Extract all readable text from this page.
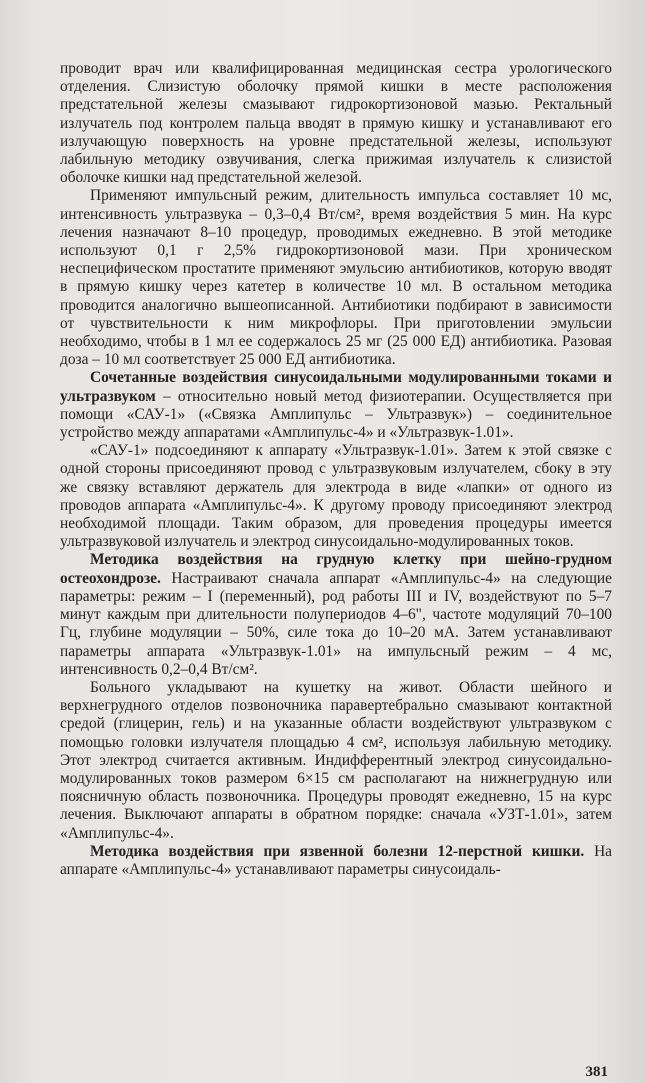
проводит врач или квалифицированная медицинская сестра урологического отделения. Слизистую оболочку прямой кишки в месте расположения предстательной железы смазывают гидрокортизоновой мазью. Ректальный излучатель под контролем пальца вводят в прямую кишку и устанавливают его излучающую поверхность на уровне предстательной железы, используют лабильную методику озвучивания, слегка прижимая излучатель к слизистой оболочке кишки над предстательной железой.

Применяют импульсный режим, длительность импульса составляет 10 мс, интенсивность ультразвука – 0,3–0,4 Вт/см², время воздействия 5 мин. На курс лечения назначают 8–10 процедур, проводимых ежедневно. В этой методике используют 0,1 г 2,5% гидрокортизоновой мази. При хроническом неспецифическом простатите применяют эмульсию антибиотиков, которую вводят в прямую кишку через катетер в количестве 10 мл. В остальном методика проводится аналогично вышеописанной. Антибиотики подбирают в зависимости от чувствительности к ним микрофлоры. При приготовлении эмульсии необходимо, чтобы в 1 мл ее содержалось 25 мг (25 000 ЕД) антибиотика. Разовая доза – 10 мл соответствует 25 000 ЕД антибиотика.

Сочетанные воздействия синусоидальными модулированными токами и ультразвуком – относительно новый метод физиотерапии. Осуществляется при помощи «САУ-1» («Связка Амплипульс – Ультразвук») – соединительное устройство между аппаратами «Амплипульс-4» и «Ультразвук-1.01».

«САУ-1» подсоединяют к аппарату «Ультразвук-1.01». Затем к этой связке с одной стороны присоединяют провод с ультразвуковым излучателем, сбоку в эту же связку вставляют держатель для электрода в виде «лапки» от одного из проводов аппарата «Амплипульс-4». К другому проводу присоединяют электрод необходимой площади. Таким образом, для проведения процедуры имеется ультразвуковой излучатель и электрод синусоидально-модулированных токов.

Методика воздействия на грудную клетку при шейно-грудном остеохондрозе. Настраивают сначала аппарат «Амплипульс-4» на следующие параметры: режим – I (переменный), род работы III и IV, воздействуют по 5–7 минут каждым при длительности полупериодов 4–6", частоте модуляций 70–100 Гц, глубине модуляции – 50%, силе тока до 10–20 мА. Затем устанавливают параметры аппарата «Ультразвук-1.01» на импульсный режим – 4 мс, интенсивность 0,2–0,4 Вт/см².

Больного укладывают на кушетку на живот. Области шейного и верхнегрудного отделов позвоночника паравертебрально смазывают контактной средой (глицерин, гель) и на указанные области воздействуют ультразвуком с помощью головки излучателя площадью 4 см², используя лабильную методику. Этот электрод считается активным. Индифферентный электрод синусоидально-модулированных токов размером 6×15 см располагают на нижнегрудную или поясничную область позвоночника. Процедуры проводят ежедневно, 15 на курс лечения. Выключают аппараты в обратном порядке: сначала «УЗТ-1.01», затем «Амплипульс-4».

Методика воздействия при язвенной болезни 12-перстной кишки. На аппарате «Амплипульс-4» устанавливают параметры синусоидаль-

381
